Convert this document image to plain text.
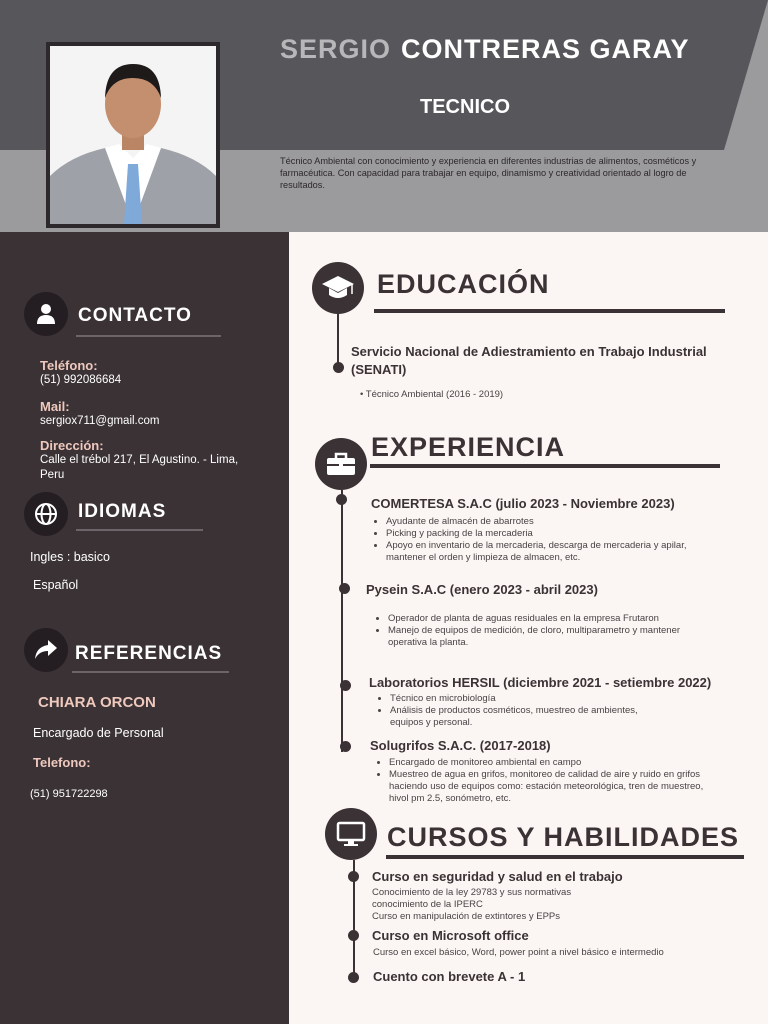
SERGIO CONTRERAS GARAY
TECNICO
Técnico Ambiental con conocimiento y experiencia en diferentes industrias de alimentos, cosméticos y farmacéutica. Con capacidad para trabajar en equipo, dinamismo y creatividad orientado al logro de resultados.
CONTACTO
Teléfono:
(51) 992086684
Mail:
sergiox711@gmail.com
Dirección:
Calle el trébol 217, El Agustino. - Lima, Peru
IDIOMAS
Ingles : basico
Español
REFERENCIAS
CHIARA ORCON
Encargado de Personal
Telefono:
(51) 951722298
EDUCACIÓN
Servicio Nacional de Adiestramiento en Trabajo Industrial (SENATI)
• Técnico Ambiental (2016 - 2019)
EXPERIENCIA
COMERTESA S.A.C (julio 2023 - Noviembre 2023)
• Ayudante de almacén de abarrotes
• Picking y packing de la mercaderia
• Apoyo en inventario de la mercaderia, descarga de mercaderia y apilar, mantener el orden y limpieza de almacen, etc.
Pysein S.A.C (enero 2023 - abril 2023)
• Operador de planta de aguas residuales en la empresa Frutaron
• Manejo de equipos de medición, de cloro, multiparametro y mantener operativa la planta.
Laboratorios HERSIL (diciembre 2021 - setiembre 2022)
• Técnico en microbiología
• Análisis de productos cosméticos, muestreo de ambientes, equipos y personal.
Solugrifos S.A.C. (2017-2018)
• Encargado de monitoreo ambiental en campo
• Muestreo de agua en grifos, monitoreo de calidad de aire y ruido en grifos haciendo uso de equipos como: estación meteorológica, tren de muestreo, hivol pm 2.5, sonómetro, etc.
CURSOS Y HABILIDADES
Curso en seguridad y salud en el trabajo
Conocimiento de la ley 29783 y sus normativas
conocimiento de la IPERC
Curso en manipulación de extintores y EPPs
Curso en Microsoft office
Curso en excel básico, Word, power point a nivel básico e intermedio
Cuento con brevete A - 1
